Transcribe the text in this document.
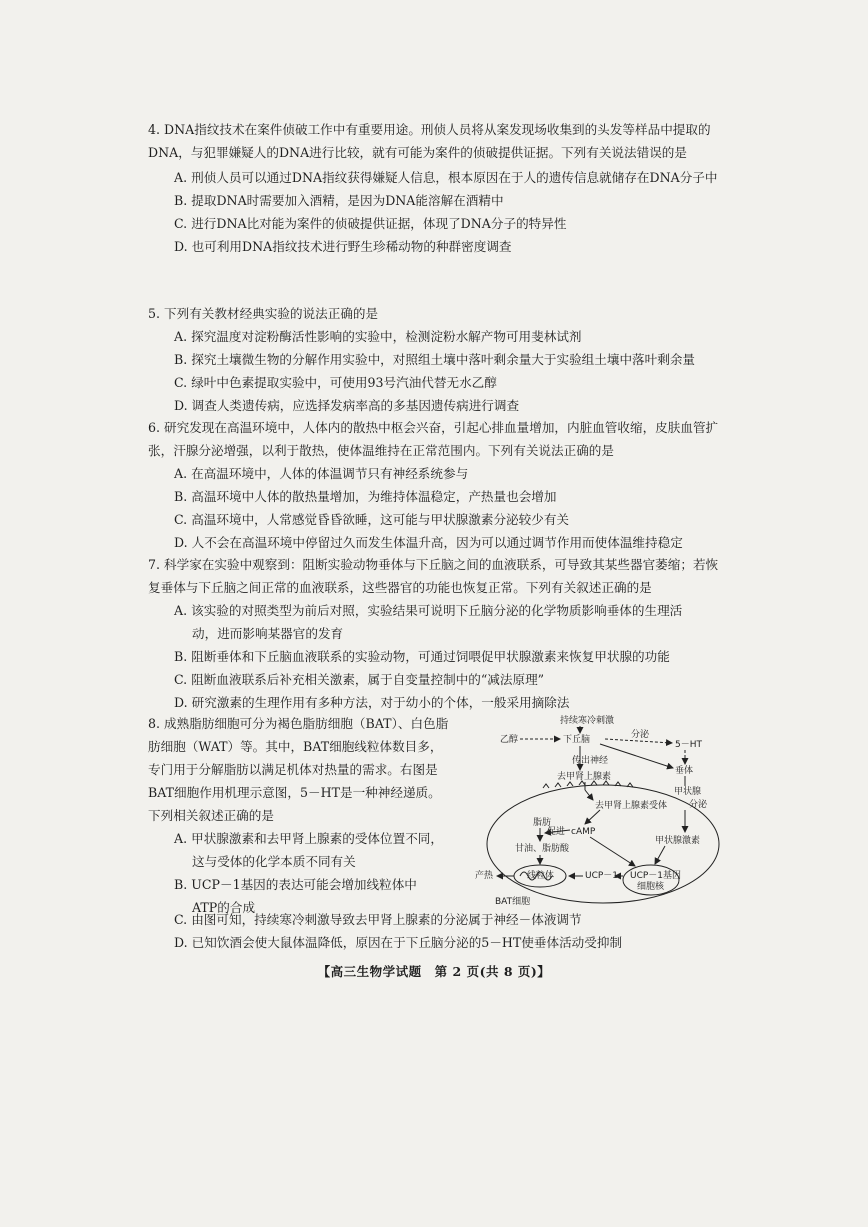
4. DNA指纹技术在案件侦破工作中有重要用途。刑侦人员将从案发现场收集到的头发等样品中提取的DNA，与犯罪嫌疑人的DNA进行比较，就有可能为案件的侦破提供证据。下列有关说法错误的是
A. 刑侦人员可以通过DNA指纹获得嫌疑人信息，根本原因在于人的遗传信息就储存在DNA分子中
B. 提取DNA时需要加入酒精，是因为DNA能溶解在酒精中
C. 进行DNA比对能为案件的侦破提供证据，体现了DNA分子的特异性
D. 也可利用DNA指纹技术进行野生珍稀动物的种群密度调查
5. 下列有关教材经典实验的说法正确的是
A. 探究温度对淀粉酶活性影响的实验中，检测淀粉水解产物可用斐林试剂
B. 探究土壤微生物的分解作用实验中，对照组土壤中落叶剩余量大于实验组土壤中落叶剩余量
C. 绿叶中色素提取实验中，可使用93号汽油代替无水乙醇
D. 调查人类遗传病，应选择发病率高的多基因遗传病进行调查
6. 研究发现在高温环境中，人体内的散热中枢会兴奋，引起心排血量增加，内脏血管收缩，皮肤血管扩张，汗腺分泌增强，以利于散热，使体温维持在正常范围内。下列有关说法正确的是
A. 在高温环境中，人体的体温调节只有神经系统参与
B. 高温环境中人体的散热量增加，为维持体温稳定，产热量也会增加
C. 高温环境中，人常感觉昏昏欲睡，这可能与甲状腺激素分泌较少有关
D. 人不会在高温环境中停留过久而发生体温升高，因为可以通过调节作用而使体温维持稳定
7. 科学家在实验中观察到：阻断实验动物垂体与下丘脑之间的血液联系，可导致其某些器官萎缩；若恢复垂体与下丘脑之间正常的血液联系，这些器官的功能也恢复正常。下列有关叙述正确的是
A. 该实验的对照类型为前后对照，实验结果可说明下丘脑分泌的化学物质影响垂体的生理活
动，进而影响某器官的发育
B. 阻断垂体和下丘脑血液联系的实验动物，可通过饲喂促甲状腺激素来恢复甲状腺的功能
C. 阻断血液联系后补充相关激素，属于自变量控制中的“减法原理”
D. 研究激素的生理作用有多种方法，对于幼小的个体，一般采用摘除法
8. 成熟脂肪细胞可分为褐色脂肪细胞（BAT）、白色脂肪细胞（WAT）等。其中，BAT细胞线粒体数目多，专门用于分解脂肪以满足机体对热量的需求。右图是BAT细胞作用机理示意图，5－HT是一种神经递质。下列相关叙述正确的是
A. 甲状腺激素和去甲肾上腺素的受体位置不同，
这与受体的化学本质不同有关
B. UCP－1基因的表达可能会增加线粒体中
ATP的合成
C. 由图可知，持续寒冷刺激导致去甲肾上腺素的分泌属于神经－体液调节
D. 已知饮酒会使大鼠体温降低，原因在于下丘脑分泌的5－HT使垂体活动受抑制
持续寒冷刺激
乙醇	下丘脑	分泌
5－HT
传出神经
垂体
去甲肾上腺素
甲状腺
分泌
去甲肾上腺素受体
脂肪
促进 cAMP
甘油、脂肪酸
甲状腺激素
产热	线粒体	UCP－1 UCP－1基因
细胞核
BAT细胞
【高三生物学试题　第 2 页(共 8 页)】
